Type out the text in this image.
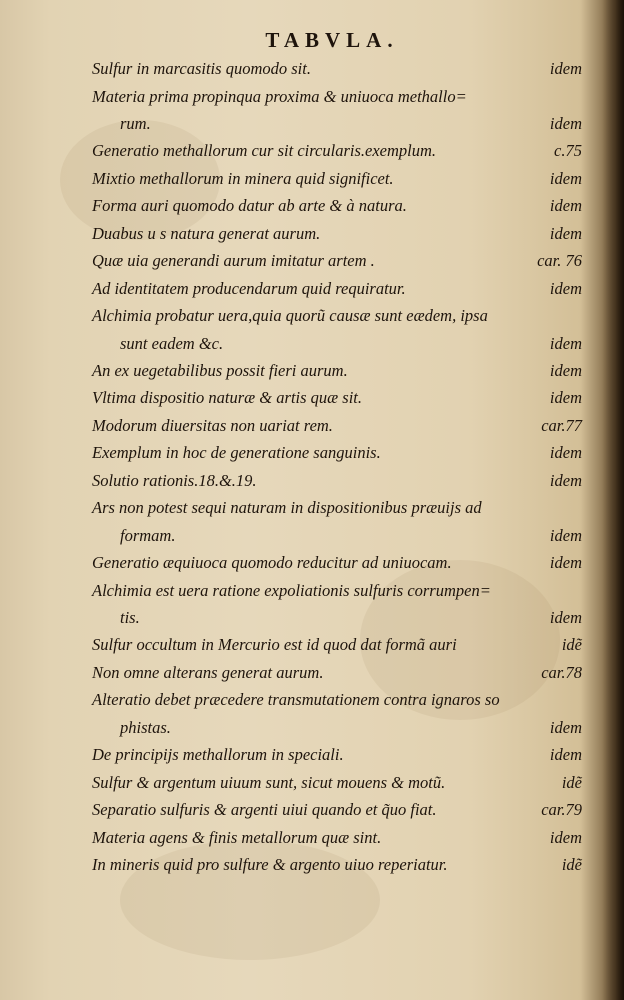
TABVLA.
Sulfur in marcasitis quomodo sit.	idem
Materia prima propinqua proxima & uniuoca methallo=
rum.	idem
Generatio methallorum cur sit circularis.exemplum.	c.75
Mixtio methallorum in minera quid significet.	idem
Forma auri quomodo datur ab arte & à natura.	idem
Duabus u s natura generat aurum.	idem
Quæ uia generandi aurum imitatur artem .	car. 76
Ad identitatem producendarum quid requiratur.	idem
Alchimia probatur uera,quia quorũ causæ sunt eædem, ipsa
sunt eadem &c.	idem
An ex uegetabilibus possit fieri aurum.	idem
Vltima dispositio naturæ & artis quæ sit.	idem
Modorum diuersitas non uariat rem.	car.77
Exemplum in hoc de generatione sanguinis.	idem
Solutio rationis.18.&.19.	idem
Ars non potest sequi naturam in dispositionibus præuijs ad
formam.	idem
Generatio æquiuoca quomodo reducitur ad uniuocam.	idem
Alchimia est uera ratione expoliationis sulfuris corrumpen=
tis.	idem
Sulfur occultum in Mercurio est id quod dat formã auri	idẽ
Non omne alterans generat aurum.	car.78
Alteratio debet præcedere transmutationem contra ignaros so
phistas.	idem
De principijs methallorum in speciali.	idem
Sulfur & argentum uiuum sunt, sicut mouens & motũ.	idẽ
Separatio sulfuris & argenti uiui quando et q̃uo fiat.	car.79
Materia agens & finis metallorum quæ sint.	idem
In mineris quid pro sulfure & argento uiuo reperiatur.	idẽ
